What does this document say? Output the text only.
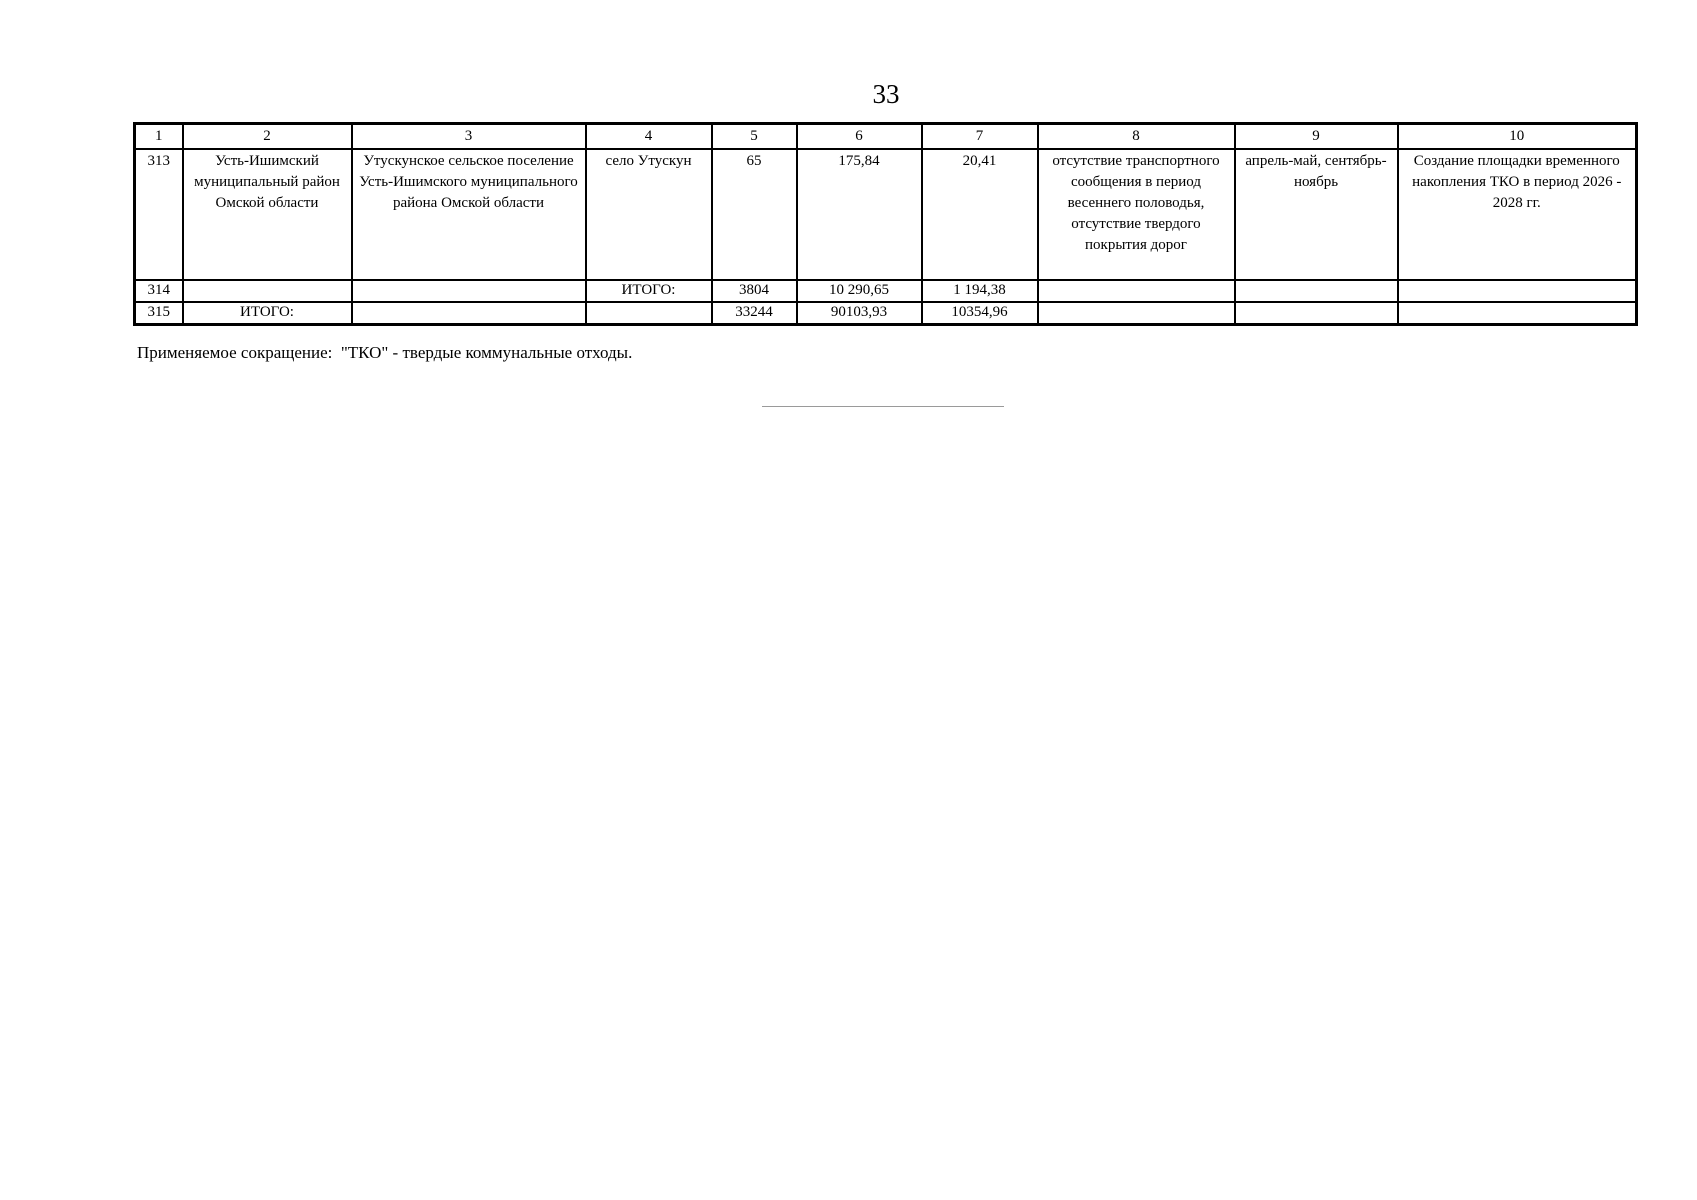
33
1	2	3	4	5	6	7	8	9	10
313	Усть-Ишимский муниципальный район Омской области	Утускунское сельское поселение Усть-Ишимского муниципального района Омской области	село Утускун	65	175,84	20,41	отсутствие транспортного сообщения в период весеннего половодья, отсутствие твердого покрытия дорог	апрель-май, сентябрь-ноябрь	Создание площадки временного накопления ТКО в период 2026 - 2028 гг.
314			ИТОГО:	3804	10 290,65	1 194,38			
315	ИТОГО:			33244	90103,93	10354,96			
Применяемое сокращение:  "ТКО" - твердые коммунальные отходы.
